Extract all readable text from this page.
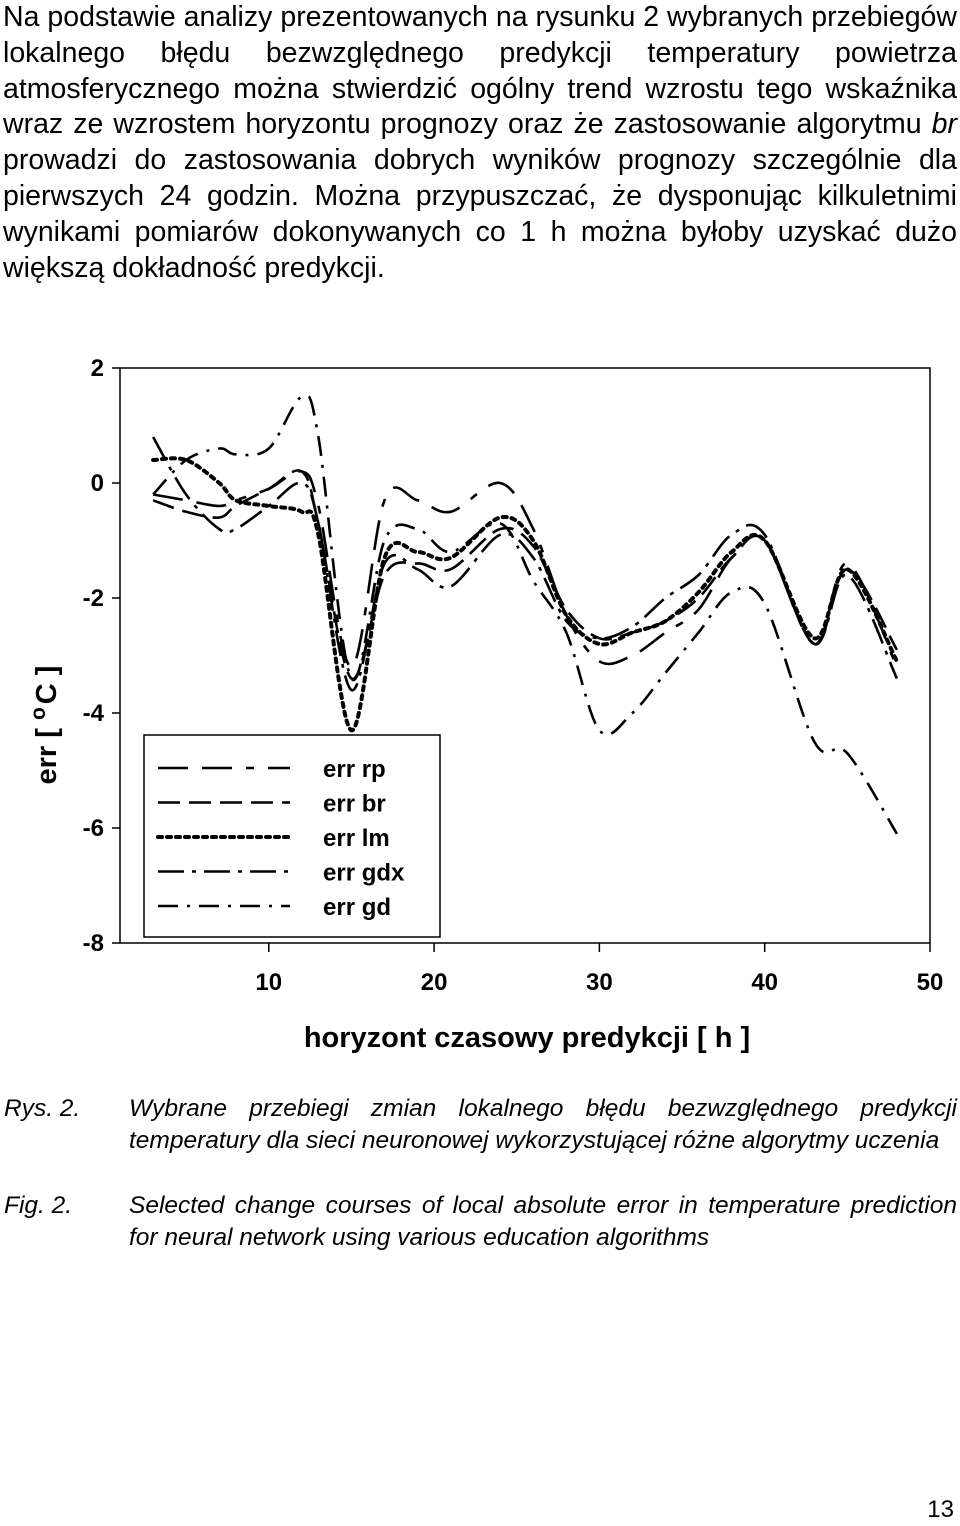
Na podstawie analizy prezentowanych na rysunku 2 wybranych przebiegów lokalnego błędu bezwzględnego predykcji temperatury powietrza atmosferycznego można stwierdzić ogólny trend wzrostu tego wskaźnika wraz ze wzrostem horyzontu prognozy oraz że zastosowanie algorytmu br prowadzi do zastosowania dobrych wyników prognozy szczególnie dla pierwszych 24 godzin. Można przypuszczać, że dysponując kilkuletnimi wynikami pomiarów dokonywanych co 1 h można byłoby uzyskać dużo większą dokładność predykcji.
2
0
-2
-4
-6
-8
10	20	30	40	50
err [ $^o$C ]
horyzont czasowy predykcji [ h ]
err rp
err br
err lm
err gdx
err gd
Rys. 2. Wybrane przebiegi zmian lokalnego błędu bezwzględnego predykcji temperatury dla sieci neuronowej wykorzystującej różne algorytmy uczenia
Fig. 2. Selected change courses of local absolute error in temperature prediction for neural network using various education algorithms
13
